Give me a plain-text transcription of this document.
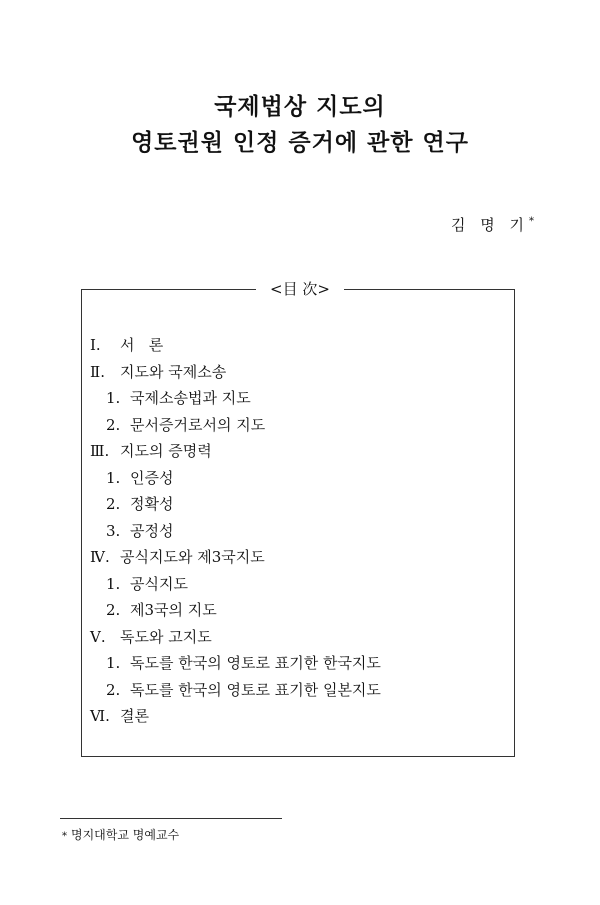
국제법상 지도의
영토권원 인정 증거에 관한 연구
김 명 기*
<目 次>
Ⅰ. 서   론
Ⅱ. 지도와 국제소송
1. 국제소송법과 지도
2. 문서증거로서의 지도
Ⅲ. 지도의 증명력
1. 인증성
2. 정확성
3. 공정성
Ⅳ. 공식지도와 제3국지도
1. 공식지도
2. 제3국의 지도
Ⅴ. 독도와 고지도
1. 독도를 한국의 영토로 표기한 한국지도
2. 독도를 한국의 영토로 표기한 일본지도
Ⅵ. 결론
* 명지대학교 명예교수
